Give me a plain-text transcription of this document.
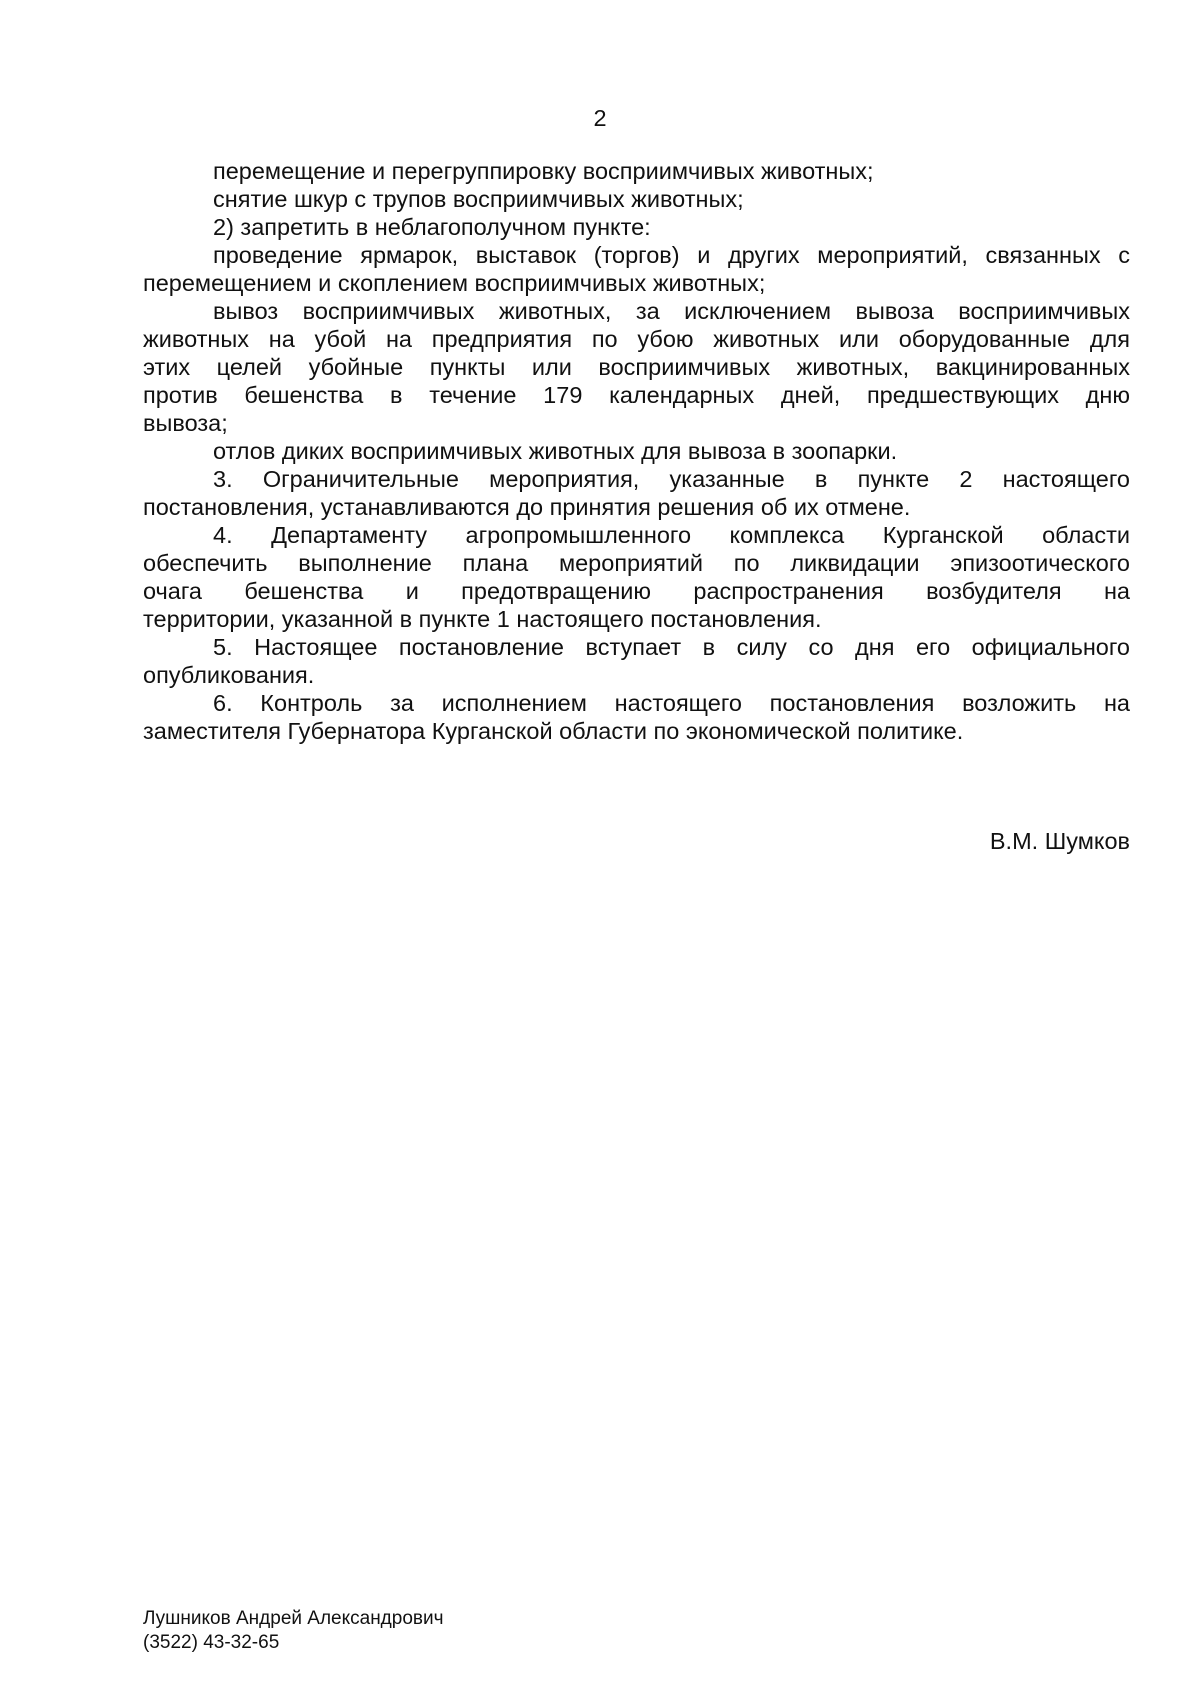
2
перемещение и перегруппировку восприимчивых животных;
снятие шкур с трупов восприимчивых животных;
2) запретить в неблагополучном пункте:
проведение ярмарок, выставок (торгов) и других мероприятий, связанных с
перемещением и скоплением восприимчивых животных;
вывоз восприимчивых животных, за исключением вывоза восприимчивых
животных на убой на предприятия по убою животных или оборудованные для
этих целей убойные пункты или восприимчивых животных, вакцинированных
против бешенства в течение 179 календарных дней, предшествующих дню
вывоза;
отлов диких восприимчивых животных для вывоза в зоопарки.
3. Ограничительные мероприятия, указанные в пункте 2 настоящего
постановления, устанавливаются до принятия решения об их отмене.
4. Департаменту агропромышленного комплекса Курганской области
обеспечить выполнение плана мероприятий по ликвидации эпизоотического
очага бешенства и предотвращению распространения возбудителя на
территории, указанной в пункте 1 настоящего постановления.
5. Настоящее постановление вступает в силу со дня его официального
опубликования.
6. Контроль за исполнением настоящего постановления возложить на
заместителя Губернатора Курганской области по экономической политике.
В.М. Шумков
Лушников Андрей Александрович
(3522) 43-32-65
